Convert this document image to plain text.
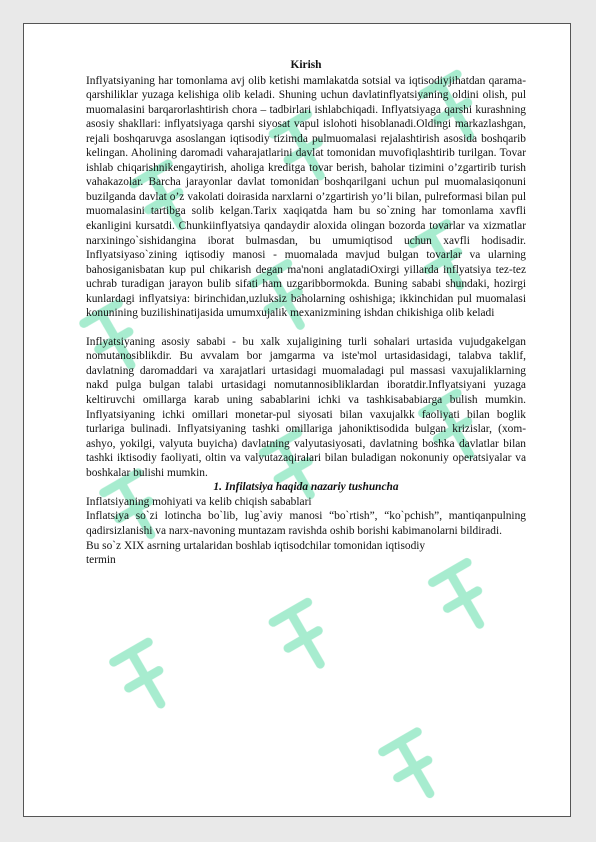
Kirish

Inflyatsiyaning har tomonlama avj olib ketishi mamlakatda sotsial va iqtisodiyjihatdan qarama-qarshiliklar yuzaga kelishiga olib keladi. Shuning uchun davlatinflyatsiyaning oldini olish, pul muomalasini barqarorlashtirish chora – tadbirlari ishlabchiqadi. Inflyatsiyaga qarshi kurashning asosiy shakllari: inflyatsiyaga qarshi siyosat vapul islohoti hisoblanadi.Oldingi markazlashgan, rejali boshqaruvga asoslangan iqtisodiy tizimda pulmuomalasi rejalashtirish asosida boshqarib kelingan. Aholining daromadi vaharajatlarini davlat tomonidan muvofiqlashtirib turilgan. Tovar ishlab chiqarishnikengaytirish, aholiga kreditga tovar berish, baholar tizimini o’zgartirib turish vahakazolar. Barcha jarayonlar davlat tomonidan boshqarilgani uchun pul muomalasiqonuni buzilganda davlat o’z vakolati doirasida narxlarni o’zgartirish yo’li bilan, pulreformasi bilan pul muomalasini tartibga solib kelgan.Tarix xaqiqatda ham bu so`zning har tomonlama xavfli ekanligini kursatdi. Chunkiinflyatsiya qandaydir aloxida olingan bozorda tovarlar va xizmatlar narxiningo`sishidangina iborat bulmasdan, bu umumiqtisod uchun xavfli hodisadir. Inflyatsiyaso`zining iqtisodiy manosi - muomalada mavjud bulgan tovarlar va ularning bahosiganisbatan kup pul chikarish degan ma'noni anglatadiOxirgi yillarda inflyatsiya tez-tez uchrab turadigan jarayon bulib sifati ham uzgaribbormokda. Buning sababi shundaki, hozirgi kunlardagi inflyatsiya: birinchidan,uzluksiz baholarning oshishiga; ikkinchidan pul muomalasi konunining buzilishinatijasida umumxujalik mexanizmining ishdan chikishiga olib keladi

Inflyatsiyaning asosiy sababi - bu xalk xujaligining turli sohalari urtasida vujudgakelgan nomutanosiblikdir. Bu avvalam bor jamgarma va iste'mol urtasidasidagi, talabva taklif, davlatning daromaddari va xarajatlari urtasidagi muomaladagi pul massasi vaxujaliklarning nakd pulga bulgan talabi urtasidagi nomutannosibliklardan iboratdir.Inflyatsiyani yuzaga keltiruvchi omillarga karab uning sabablarini ichki va tashkisababiarga bulish mumkin. Inflyatsiyaning ichki omillari monetar-pul siyosati bilan vaxujalkk faoliyati bilan boglik turlariga bulinadi. Inflyatsiyaning tashki omillariga jahoniktisodida bulgan krizislar, (xom-ashyo, yokilgi, valyuta buyicha) davlatning valyutasiyosati, davlatning boshka davlatlar bilan tashki iktisodiy faoliyati, oltin va valyutazaqiralari bilan buladigan nokonuniy operatsiyalar va boshkalar bulishi mumkin.

1. Infilatsiya haqida nazariy tushuncha

Inflatsiyaning mohiyati va kelib chiqish sabablari

Inflatsiya so`zi lotincha bo`lib, lug`aviy manosi “bo`rtish”, “ko`pchish”, mantiqanpulning qadirsizlanishi va narx-navoning muntazam ravishda oshib borishi kabimanolarni bildiradi.

Bu so`z XIX asrning urtalaridan boshlab iqtisodchilar tomonidan iqtisodiy

termin
